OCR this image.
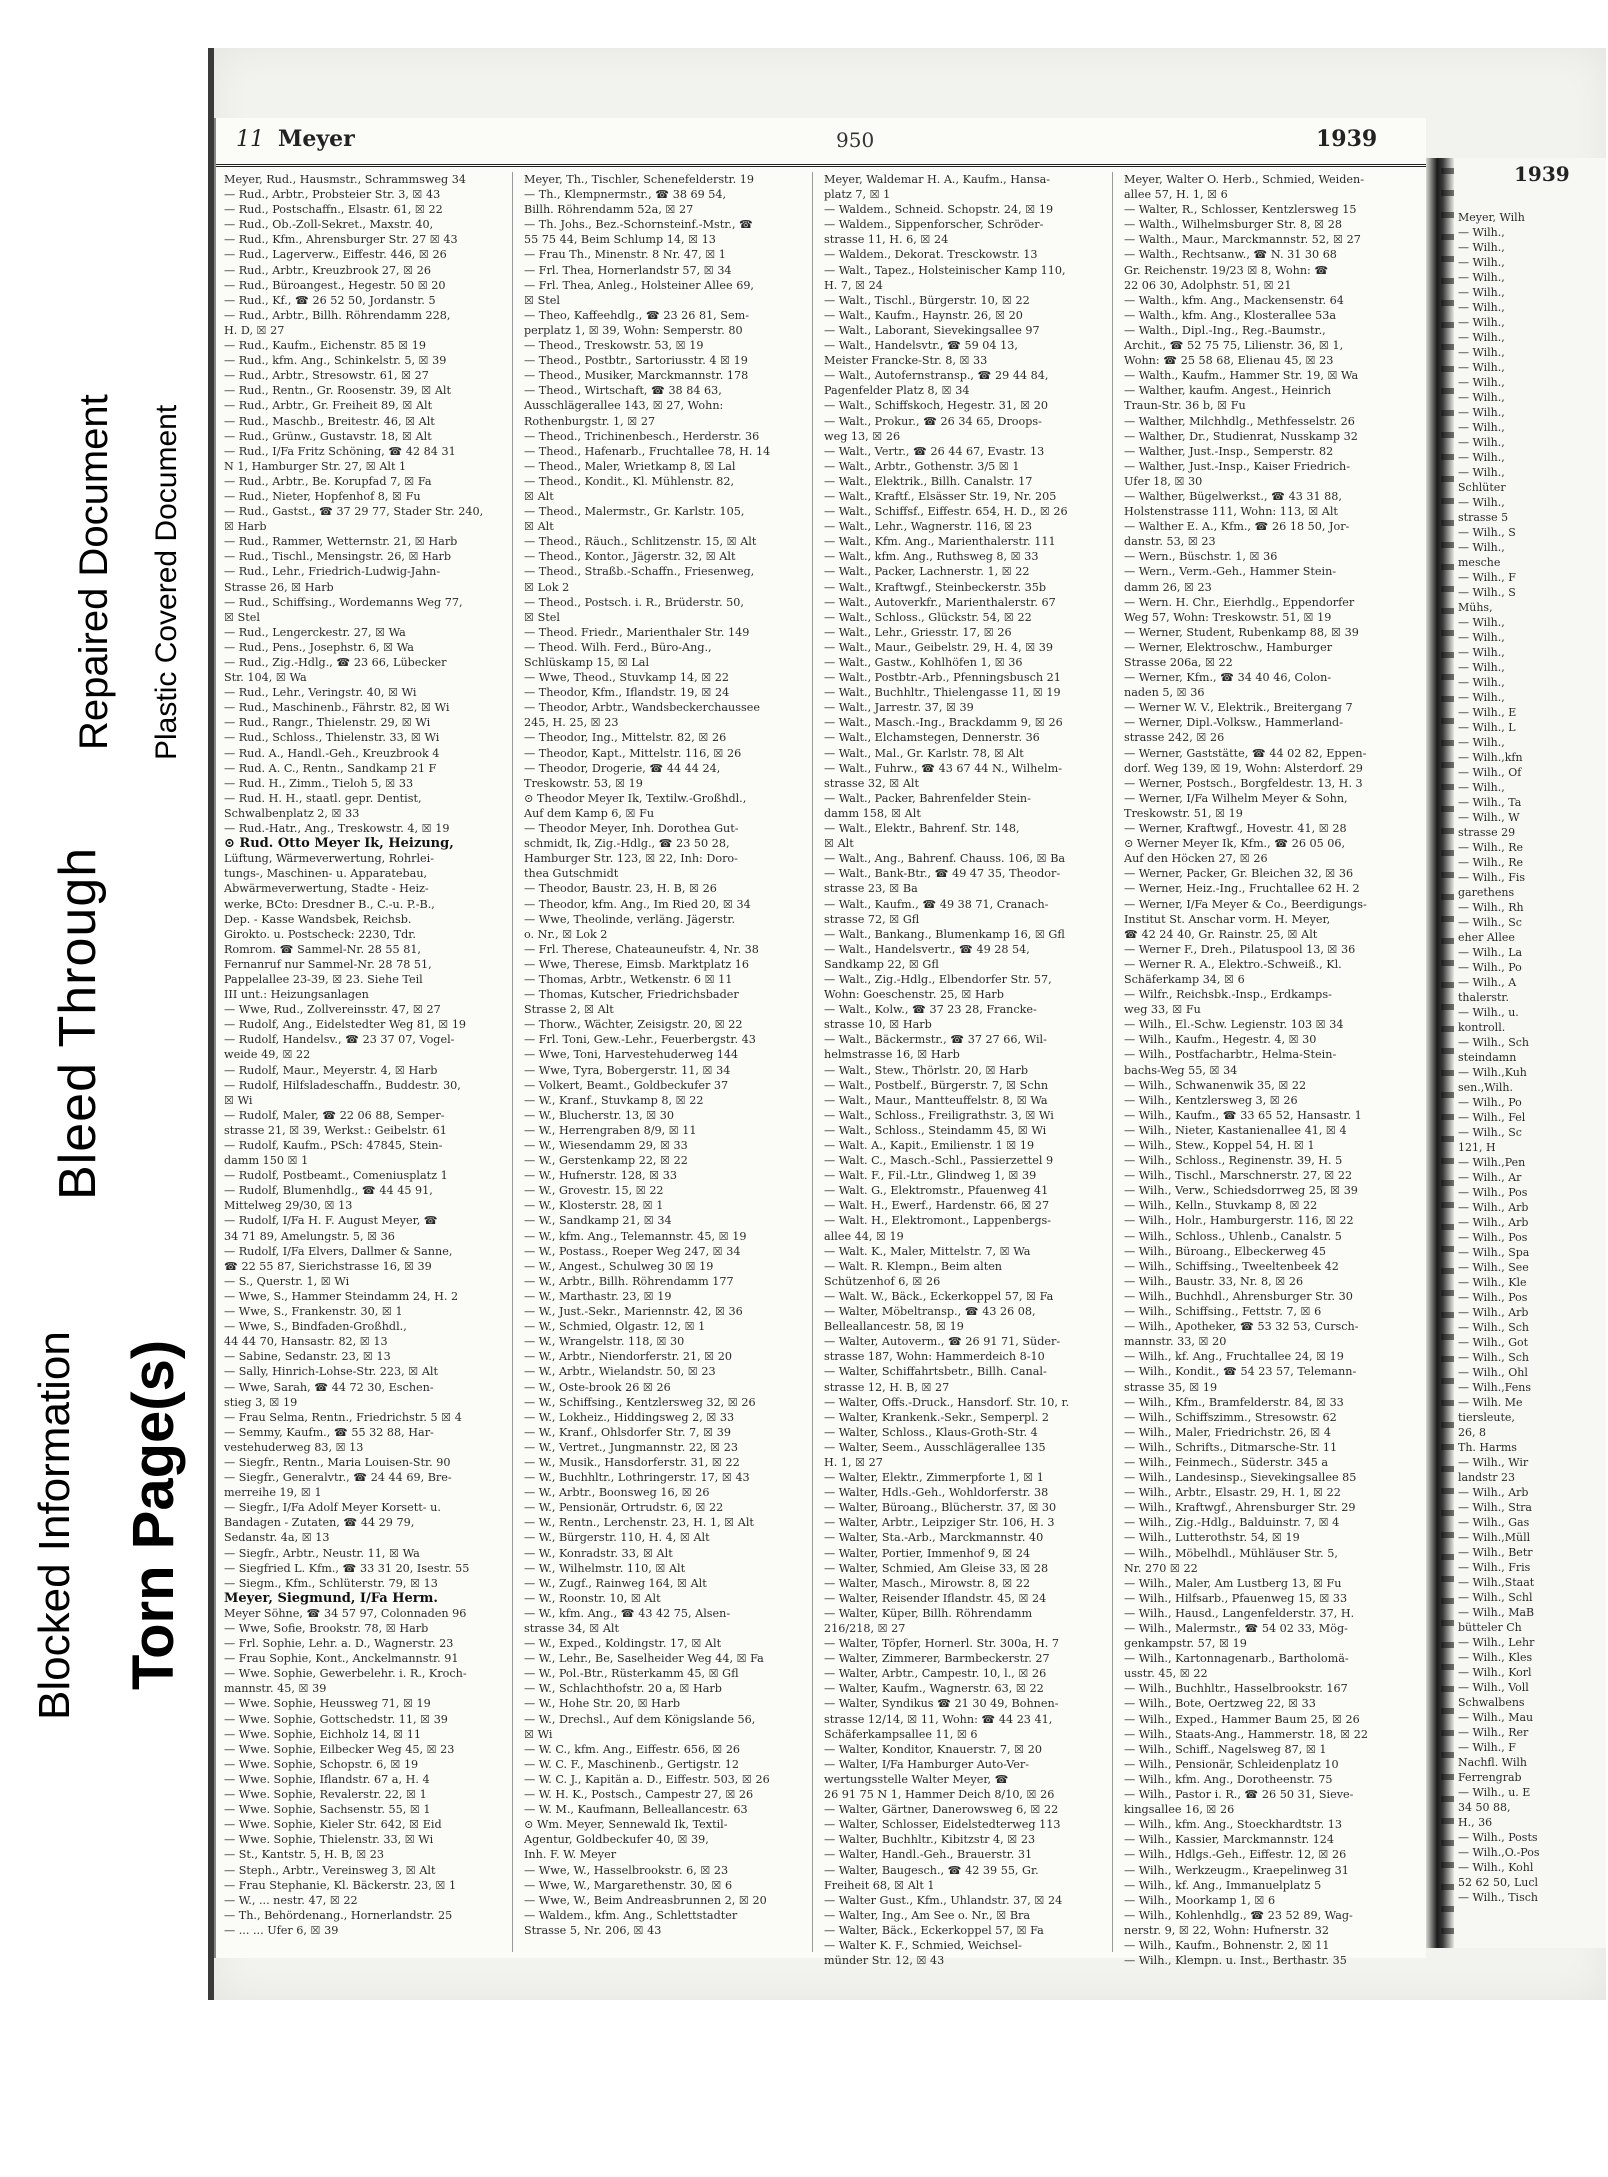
Blocked Information
Bleed Through
Repaired Document
Torn Page(s)
Plastic Covered Document
11 Meyer	950	1939
Meyer, Rud., Hausmstr., Schrammsweg 34
— Rud., Arbtr., Probsteier Str. 3, ☒ 43
— Rud., Postschaffn., Elsastr. 61, ☒ 22
— Rud., Ob.-Zoll-Sekret., Maxstr. 40,
— Rud., Kfm., Ahrensburger Str. 27 ☒ 43
— Rud., Lagerverw., Eiffestr. 446, ☒ 26
— Rud., Arbtr., Kreuzbrook 27, ☒ 26
— Rud., Büroangest., Hegestr. 50 ☒ 20
— Rud., Kf., ☎ 26 52 50, Jordanstr. 5
— Rud., Arbtr., Billh. Röhrendamm 228,
H. D, ☒ 27
— Rud., Kaufm., Eichenstr. 85 ☒ 19
— Rud., kfm. Ang., Schinkelstr. 5, ☒ 39
— Rud., Arbtr., Stresowstr. 61, ☒ 27
— Rud., Rentn., Gr. Roosenstr. 39, ☒ Alt
— Rud., Arbtr., Gr. Freiheit 89, ☒ Alt
— Rud., Maschb., Breitestr. 46, ☒ Alt
— Rud., Grünw., Gustavstr. 18, ☒ Alt
— Rud., I/Fa Fritz Schöning, ☎ 42 84 31
N 1, Hamburger Str. 27, ☒ Alt 1
— Rud., Arbtr., Be. Korupfad 7, ☒ Fa
— Rud., Nieter, Hopfenhof 8, ☒ Fu
— Rud., Gastst., ☎ 37 29 77, Stader Str. 240,
☒ Harb
— Rud., Rammer, Wetternstr. 21, ☒ Harb
— Rud., Tischl., Mensingstr. 26, ☒ Harb
— Rud., Lehr., Friedrich-Ludwig-Jahn-
Strasse 26, ☒ Harb
— Rud., Schiffsing., Wordemanns Weg 77,
☒ Stel
— Rud., Lengerckestr. 27, ☒ Wa
— Rud., Pens., Josephstr. 6, ☒ Wa
— Rud., Zig.-Hdlg., ☎ 23 66, Lübecker
Str. 104, ☒ Wa
— Rud., Lehr., Veringstr. 40, ☒ Wi
— Rud., Maschinenb., Fährstr. 82, ☒ Wi
— Rud., Rangr., Thielenstr. 29, ☒ Wi
— Rud., Schloss., Thielenstr. 33, ☒ Wi
— Rud. A., Handl.-Geh., Kreuzbrook 4
— Rud. A. C., Rentn., Sandkamp 21 F
— Rud. H., Zimm., Tieloh 5, ☒ 33
— Rud. H. H., staatl. gepr. Dentist,
Schwalbenplatz 2, ☒ 33
— Rud.-Hatr., Ang., Treskowstr. 4, ☒ 19
⊙ Rud. Otto Meyer Ik, Heizung,
Lüftung, Wärmeverwertung, Rohrlei-
tungs-, Maschinen- u. Apparatebau,
Abwärmeverwertung, Stadte - Heiz-
werke, BCto: Dresdner B., C.-u. P.-B.,
Dep. - Kasse Wandsbek, Reichsb.
Girokto. u. Postscheck: 2230, Tdr.
Romrom. ☎ Sammel-Nr. 28 55 81,
Fernanruf nur Sammel-Nr. 28 78 51,
Pappelallee 23-39, ☒ 23. Siehe Teil
III unt.: Heizungsanlagen
— Wwe, Rud., Zollvereinsstr. 47, ☒ 27
— Rudolf, Ang., Eidelstedter Weg 81, ☒ 19
— Rudolf, Handelsv., ☎ 23 37 07, Vogel-
weide 49, ☒ 22
— Rudolf, Maur., Meyerstr. 4, ☒ Harb
— Rudolf, Hilfsladeschaffn., Buddestr. 30,
☒ Wi
— Rudolf, Maler, ☎ 22 06 88, Semper-
strasse 21, ☒ 39, Werkst.: Geibelstr. 61
— Rudolf, Kaufm., PSch: 47845, Stein-
damm 150 ☒ 1
— Rudolf, Postbeamt., Comeniusplatz 1
— Rudolf, Blumenhdlg., ☎ 44 45 91,
Mittelweg 29/30, ☒ 13
— Rudolf, I/Fa H. F. August Meyer, ☎
34 71 89, Amelungstr. 5, ☒ 36
— Rudolf, I/Fa Elvers, Dallmer & Sanne,
☎ 22 55 87, Sierichstrasse 16, ☒ 39
— S., Querstr. 1, ☒ Wi
— Wwe, S., Hammer Steindamm 24, H. 2
— Wwe, S., Frankenstr. 30, ☒ 1
— Wwe, S., Bindfaden-Großhdl.,
44 44 70, Hansastr. 82, ☒ 13
— Sabine, Sedanstr. 23, ☒ 13
— Sally, Hinrich-Lohse-Str. 223, ☒ Alt
— Wwe, Sarah, ☎ 44 72 30, Eschen-
stieg 3, ☒ 19
— Frau Selma, Rentn., Friedrichstr. 5 ☒ 4
— Semmy, Kaufm., ☎ 55 32 88, Har-
vestehuderweg 83, ☒ 13
— Siegfr., Rentn., Maria Louisen-Str. 90
— Siegfr., Generalvtr., ☎ 24 44 69, Bre-
merreihe 19, ☒ 1
— Siegfr., I/Fa Adolf Meyer Korsett- u.
Bandagen - Zutaten, ☎ 44 29 79,
Sedanstr. 4a, ☒ 13
— Siegfr., Arbtr., Neustr. 11, ☒ Wa
— Siegfried L. Kfm., ☎ 33 31 20, Isestr. 55
— Siegm., Kfm., Schlüterstr. 79, ☒ 13
Meyer, Siegmund, I/Fa Herm.
Meyer Söhne, ☎ 34 57 97, Colonnaden 96
— Wwe, Sofie, Brookstr. 78, ☒ Harb
— Frl. Sophie, Lehr. a. D., Wagnerstr. 23
— Frau Sophie, Kont., Anckelmannstr. 91
— Wwe. Sophie, Gewerbelehr. i. R., Kroch-
mannstr. 45, ☒ 39
— Wwe. Sophie, Heussweg 71, ☒ 19
— Wwe. Sophie, Gottschedstr. 11, ☒ 39
— Wwe. Sophie, Eichholz 14, ☒ 11
— Wwe. Sophie, Eilbecker Weg 45, ☒ 23
— Wwe. Sophie, Schopstr. 6, ☒ 19
— Wwe. Sophie, Iflandstr. 67 a, H. 4
— Wwe. Sophie, Revalerstr. 22, ☒ 1
— Wwe. Sophie, Sachsenstr. 55, ☒ 1
— Wwe. Sophie, Kieler Str. 642, ☒ Eid
— Wwe. Sophie, Thielenstr. 33, ☒ Wi
— St., Kantstr. 5, H. B, ☒ 23
— Steph., Arbtr., Vereinsweg 3, ☒ Alt
— Frau Stephanie, Kl. Bäckerstr. 23, ☒ 1
— W., ... nestr. 47, ☒ 22
— Th., Behördenang., Hornerlandstr. 25
— ... ... Ufer 6, ☒ 39
Meyer, Th., Tischler, Schenefelderstr. 19
— Th., Klempnermstr., ☎ 38 69 54,
Billh. Röhrendamm 52a, ☒ 27
— Th. Johs., Bez.-Schornsteinf.-Mstr., ☎
55 75 44, Beim Schlump 14, ☒ 13
— Frau Th., Minenstr. 8 Nr. 47, ☒ 1
— Frl. Thea, Hornerlandstr 57, ☒ 34
— Frl. Thea, Anleg., Holsteiner Allee 69,
☒ Stel
— Theo, Kaffeehdlg., ☎ 23 26 81, Sem-
perplatz 1, ☒ 39, Wohn: Semperstr. 80
— Theod., Treskowstr. 53, ☒ 19
— Theod., Postbtr., Sartoriusstr. 4 ☒ 19
— Theod., Musiker, Marckmannstr. 178
— Theod., Wirtschaft, ☎ 38 84 63,
Ausschlägerallee 143, ☒ 27, Wohn:
Rothenburgstr. 1, ☒ 27
— Theod., Trichinenbesch., Herderstr. 36
— Theod., Hafenarb., Fruchtallee 78, H. 14
— Theod., Maler, Wrietkamp 8, ☒ Lal
— Theod., Kondit., Kl. Mühlenstr. 82,
☒ Alt
— Theod., Malermstr., Gr. Karlstr. 105,
☒ Alt
— Theod., Räuch., Schlitzenstr. 15, ☒ Alt
— Theod., Kontor., Jägerstr. 32, ☒ Alt
— Theod., Straßb.-Schaffn., Friesenweg,
☒ Lok 2
— Theod., Postsch. i. R., Brüderstr. 50,
☒ Stel
— Theod. Friedr., Marienthaler Str. 149
— Theod. Wilh. Ferd., Büro-Ang.,
Schlüskamp 15, ☒ Lal
— Wwe, Theod., Stuvkamp 14, ☒ 22
— Theodor, Kfm., Iflandstr. 19, ☒ 24
— Theodor, Arbtr., Wandsbeckerchaussee
245, H. 25, ☒ 23
— Theodor, Ing., Mittelstr. 82, ☒ 26
— Theodor, Kapt., Mittelstr. 116, ☒ 26
— Theodor, Drogerie, ☎ 44 44 24,
Treskowstr. 53, ☒ 19
⊙ Theodor Meyer Ik, Textilw.-Großhdl.,
Auf dem Kamp 6, ☒ Fu
— Theodor Meyer, Inh. Dorothea Gut-
schmidt, Ik, Zig.-Hdlg., ☎ 23 50 28,
Hamburger Str. 123, ☒ 22, Inh: Doro-
thea Gutschmidt
— Theodor, Baustr. 23, H. B, ☒ 26
— Theodor, kfm. Ang., Im Ried 20, ☒ 34
— Wwe, Theolinde, verläng. Jägerstr.
o. Nr., ☒ Lok 2
— Frl. Therese, Chateauneufstr. 4, Nr. 38
— Wwe, Therese, Eimsb. Marktplatz 16
— Thomas, Arbtr., Wetkenstr. 6 ☒ 11
— Thomas, Kutscher, Friedrichsbader
Strasse 2, ☒ Alt
— Thorw., Wächter, Zeisigstr. 20, ☒ 22
— Frl. Toni, Gew.-Lehr., Feuerbergstr. 43
— Wwe, Toni, Harvestehuderweg 144
— Wwe, Tyra, Bobergerstr. 11, ☒ 34
— Volkert, Beamt., Goldbeckufer 37
— W., Kranf., Stuvkamp 8, ☒ 22
— W., Blucherstr. 13, ☒ 30
— W., Herrengraben 8/9, ☒ 11
— W., Wiesendamm 29, ☒ 33
— W., Gerstenkamp 22, ☒ 22
— W., Hufnerstr. 128, ☒ 33
— W., Grovestr. 15, ☒ 22
— W., Klosterstr. 28, ☒ 1
— W., Sandkamp 21, ☒ 34
— W., kfm. Ang., Telemannstr. 45, ☒ 19
— W., Postass., Roeper Weg 247, ☒ 34
— W., Angest., Schulweg 30 ☒ 19
— W., Arbtr., Billh. Röhrendamm 177
— W., Marthastr. 23, ☒ 19
— W., Just.-Sekr., Mariennstr. 42, ☒ 36
— W., Schmied, Olgastr. 12, ☒ 1
— W., Wrangelstr. 118, ☒ 30
— W., Arbtr., Niendorferstr. 21, ☒ 20
— W., Arbtr., Wielandstr. 50, ☒ 23
— W., Oste-brook 26 ☒ 26
— W., Schiffsing., Kentzlersweg 32, ☒ 26
— W., Lokheiz., Hiddingsweg 2, ☒ 33
— W., Kranf., Ohlsdorfer Str. 7, ☒ 39
— W., Vertret., Jungmannstr. 22, ☒ 23
— W., Musik., Hansdorferstr. 31, ☒ 22
— W., Buchhltr., Lothringerstr. 17, ☒ 43
— W., Arbtr., Boonsweg 16, ☒ 26
— W., Pensionär, Ortrudstr. 6, ☒ 22
— W., Rentn., Lerchenstr. 23, H. 1, ☒ Alt
— W., Bürgerstr. 110, H. 4, ☒ Alt
— W., Konradstr. 33, ☒ Alt
— W., Wilhelmstr. 110, ☒ Alt
— W., Zugf., Rainweg 164, ☒ Alt
— W., Roonstr. 10, ☒ Alt
— W., kfm. Ang., ☎ 43 42 75, Alsen-
strasse 34, ☒ Alt
— W., Exped., Koldingstr. 17, ☒ Alt
— W., Lehr., Be, Saselheider Weg 44, ☒ Fa
— W., Pol.-Btr., Rüsterkamm 45, ☒ Gfl
— W., Schlachthofstr. 20 a, ☒ Harb
— W., Hohe Str. 20, ☒ Harb
— W., Drechsl., Auf dem Königslande 56,
☒ Wi
— W. C., kfm. Ang., Eiffestr. 656, ☒ 26
— W. C. F., Maschinenb., Gertigstr. 12
— W. C. J., Kapitän a. D., Eiffestr. 503, ☒ 26
— W. H. K., Postsch., Campestr 27, ☒ 26
— W. M., Kaufmann, Belleallancestr. 63
⊙ Wm. Meyer, Sennewald Ik, Textil-
Agentur, Goldbeckufer 40, ☒ 39,
Inh. F. W. Meyer
— Wwe, W., Hasselbrookstr. 6, ☒ 23
— Wwe, W., Margarethenstr. 30, ☒ 6
— Wwe, W., Beim Andreasbrunnen 2, ☒ 20
— Waldem., kfm. Ang., Schlettstadter
Strasse 5, Nr. 206, ☒ 43
Meyer, Waldemar H. A., Kaufm., Hansa-
platz 7, ☒ 1
— Waldem., Schneid. Schopstr. 24, ☒ 19
— Waldem., Sippenforscher, Schröder-
strasse 11, H. 6, ☒ 24
— Waldem., Dekorat. Tresckowstr. 13
— Walt., Tapez., Holsteinischer Kamp 110,
H. 7, ☒ 24
— Walt., Tischl., Bürgerstr. 10, ☒ 22
— Walt., Kaufm., Haynstr. 26, ☒ 20
— Walt., Laborant, Sievekingsallee 97
— Walt., Handelsvtr., ☎ 59 04 13,
Meister Francke-Str. 8, ☒ 33
— Walt., Autofernstransp., ☎ 29 44 84,
Pagenfelder Platz 8, ☒ 34
— Walt., Schiffskoch, Hegestr. 31, ☒ 20
— Walt., Prokur., ☎ 26 34 65, Droops-
weg 13, ☒ 26
— Walt., Vertr., ☎ 26 44 67, Evastr. 13
— Walt., Arbtr., Gothenstr. 3/5 ☒ 1
— Walt., Elektrik., Billh. Canalstr. 17
— Walt., Kraftf., Elsässer Str. 19, Nr. 205
— Walt., Schiffsf., Eiffestr. 654, H. D., ☒ 26
— Walt., Lehr., Wagnerstr. 116, ☒ 23
— Walt., Kfm. Ang., Marienthalerstr. 111
— Walt., kfm. Ang., Ruthsweg 8, ☒ 33
— Walt., Packer, Lachnerstr. 1, ☒ 22
— Walt., Kraftwgf., Steinbeckerstr. 35b
— Walt., Autoverkfr., Marienthalerstr. 67
— Walt., Schloss., Glückstr. 54, ☒ 22
— Walt., Lehr., Griesstr. 17, ☒ 26
— Walt., Maur., Geibelstr. 29, H. 4, ☒ 39
— Walt., Gastw., Kohlhöfen 1, ☒ 36
— Walt., Postbtr.-Arb., Pfenningsbusch 21
— Walt., Buchhltr., Thielengasse 11, ☒ 19
— Walt., Jarrestr. 37, ☒ 39
— Walt., Masch.-Ing., Brackdamm 9, ☒ 26
— Walt., Elchamstegen, Dennerstr. 36
— Walt., Mal., Gr. Karlstr. 78, ☒ Alt
— Walt., Fuhrw., ☎ 43 67 44 N., Wilhelm-
strasse 32, ☒ Alt
— Walt., Packer, Bahrenfelder Stein-
damm 158, ☒ Alt
— Walt., Elektr., Bahrenf. Str. 148,
☒ Alt
— Walt., Ang., Bahrenf. Chauss. 106, ☒ Ba
— Walt., Bank-Btr., ☎ 49 47 35, Theodor-
strasse 23, ☒ Ba
— Walt., Kaufm., ☎ 49 38 71, Cranach-
strasse 72, ☒ Gfl
— Walt., Bankang., Blumenkamp 16, ☒ Gfl
— Walt., Handelsvertr., ☎ 49 28 54,
Sandkamp 22, ☒ Gfl
— Walt., Zig.-Hdlg., Elbendorfer Str. 57,
Wohn: Goeschenstr. 25, ☒ Harb
— Walt., Kolw., ☎ 37 23 28, Francke-
strasse 10, ☒ Harb
— Walt., Bäckermstr., ☎ 37 27 66, Wil-
helmstrasse 16, ☒ Harb
— Walt., Stew., Thörlstr. 20, ☒ Harb
— Walt., Postbelf., Bürgerstr. 7, ☒ Schn
— Walt., Maur., Mantteuffelstr. 8, ☒ Wa
— Walt., Schloss., Freiligrathstr. 3, ☒ Wi
— Walt., Schloss., Steindamm 45, ☒ Wi
— Walt. A., Kapit., Emilienstr. 1 ☒ 19
— Walt. C., Masch.-Schl., Passierzettel 9
— Walt. F., Fil.-Ltr., Glindweg 1, ☒ 39
— Walt. G., Elektromstr., Pfauenweg 41
— Walt. H., Ewerf., Hardenstr. 66, ☒ 27
— Walt. H., Elektromont., Lappenbergs-
allee 44, ☒ 19
— Walt. K., Maler, Mittelstr. 7, ☒ Wa
— Walt. R. Klempn., Beim alten
Schützenhof 6, ☒ 26
— Walt. W., Bäck., Eckerkoppel 57, ☒ Fa
— Walter, Möbeltransp., ☎ 43 26 08,
Belleallancestr. 58, ☒ 19
— Walter, Autoverm., ☎ 26 91 71, Süder-
strasse 187, Wohn: Hammerdeich 8-10
— Walter, Schiffahrtsbetr., Billh. Canal-
strasse 12, H. B, ☒ 27
— Walter, Offs.-Druck., Hansdorf. Str. 10, r.
— Walter, Krankenk.-Sekr., Semperpl. 2
— Walter, Schloss., Klaus-Groth-Str. 4
— Walter, Seem., Ausschlägerallee 135
H. 1, ☒ 27
— Walter, Elektr., Zimmerpforte 1, ☒ 1
— Walter, Hdls.-Geh., Wohldorferstr. 38
— Walter, Büroang., Blücherstr. 37, ☒ 30
— Walter, Arbtr., Leipziger Str. 106, H. 3
— Walter, Sta.-Arb., Marckmannstr. 40
— Walter, Portier, Immenhof 9, ☒ 24
— Walter, Schmied, Am Gleise 33, ☒ 28
— Walter, Masch., Mirowstr. 8, ☒ 22
— Walter, Reisender Iflandstr. 45, ☒ 24
— Walter, Küper, Billh. Röhrendamm
216/218, ☒ 27
— Walter, Töpfer, Hornerl. Str. 300a, H. 7
— Walter, Zimmerer, Barmbeckerstr. 27
— Walter, Arbtr., Campestr. 10, l., ☒ 26
— Walter, Kaufm., Wagnerstr. 63, ☒ 22
— Walter, Syndikus ☎ 21 30 49, Bohnen-
strasse 12/14, ☒ 11, Wohn: ☎ 44 23 41,
Schäferkampsallee 11, ☒ 6
— Walter, Konditor, Knauerstr. 7, ☒ 20
— Walter, I/Fa Hamburger Auto-Ver-
wertungsstelle Walter Meyer, ☎
26 91 75 N 1, Hammer Deich 8/10, ☒ 26
— Walter, Gärtner, Danerowsweg 6, ☒ 22
— Walter, Schlosser, Eidelstedterweg 113
— Walter, Buchhltr., Kibitzstr 4, ☒ 23
— Walter, Handl.-Geh., Brauerstr. 31
— Walter, Baugesch., ☎ 42 39 55, Gr.
Freiheit 68, ☒ Alt 1
— Walter Gust., Kfm., Uhlandstr. 37, ☒ 24
— Walter, Ing., Am See o. Nr., ☒ Bra
— Walter, Bäck., Eckerkoppel 57, ☒ Fa
— Walter K. F., Schmied, Weichsel-
münder Str. 12, ☒ 43
Meyer, Walter O. Herb., Schmied, Weiden-
allee 57, H. 1, ☒ 6
— Walter, R., Schlosser, Kentzlersweg 15
— Walth., Wilhelmsburger Str. 8, ☒ 28
— Walth., Maur., Marckmannstr. 52, ☒ 27
— Walth., Rechtsanw., ☎ N. 31 30 68
Gr. Reichenstr. 19/23 ☒ 8, Wohn: ☎
22 06 30, Adolphstr. 51, ☒ 21
— Walth., kfm. Ang., Mackensenstr. 64
— Walth., kfm. Ang., Klosterallee 53a
— Walth., Dipl.-Ing., Reg.-Baumstr.,
Archit., ☎ 52 75 75, Lilienstr. 36, ☒ 1,
Wohn: ☎ 25 58 68, Elienau 45, ☒ 23
— Walth., Kaufm., Hammer Str. 19, ☒ Wa
— Walther, kaufm. Angest., Heinrich
Traun-Str. 36 b, ☒ Fu
— Walther, Milchhdlg., Methfesselstr. 26
— Walther, Dr., Studienrat, Nusskamp 32
— Walther, Just.-Insp., Semperstr. 82
— Walther, Just.-Insp., Kaiser Friedrich-
Ufer 18, ☒ 30
— Walther, Bügelwerkst., ☎ 43 31 88,
Holstenstrasse 111, Wohn: 113, ☒ Alt
— Walther E. A., Kfm., ☎ 26 18 50, Jor-
danstr. 53, ☒ 23
— Wern., Büschstr. 1, ☒ 36
— Wern., Verm.-Geh., Hammer Stein-
damm 26, ☒ 23
— Wern. H. Chr., Eierhdlg., Eppendorfer
Weg 57, Wohn: Treskowstr. 51, ☒ 19
— Werner, Student, Rubenkamp 88, ☒ 39
— Werner, Elektroschw., Hamburger
Strasse 206a, ☒ 22
— Werner, Kfm., ☎ 34 40 46, Colon-
naden 5, ☒ 36
— Werner W. V., Elektrik., Breitergang 7
— Werner, Dipl.-Volksw., Hammerland-
strasse 242, ☒ 26
— Werner, Gaststätte, ☎ 44 02 82, Eppen-
dorf. Weg 139, ☒ 19, Wohn: Alsterdorf. 29
— Werner, Postsch., Borgfeldestr. 13, H. 3
— Werner, I/Fa Wilhelm Meyer & Sohn,
Treskowstr. 51, ☒ 19
— Werner, Kraftwgf., Hovestr. 41, ☒ 28
⊙ Werner Meyer Ik, Kfm., ☎ 26 05 06,
Auf den Höcken 27, ☒ 26
— Werner, Packer, Gr. Bleichen 32, ☒ 36
— Werner, Heiz.-Ing., Fruchtallee 62 H. 2
— Werner, I/Fa Meyer & Co., Beerdigungs-
Institut St. Anschar vorm. H. Meyer,
☎ 42 24 40, Gr. Rainstr. 25, ☒ Alt
— Werner F., Dreh., Pilatuspool 13, ☒ 36
— Werner R. A., Elektro.-Schweiß., Kl.
Schäferkamp 34, ☒ 6
— Wilfr., Reichsbk.-Insp., Erdkamps-
weg 33, ☒ Fu
— Wilh., El.-Schw. Legienstr. 103 ☒ 34
— Wilh., Kaufm., Hegestr. 4, ☒ 30
— Wilh., Postfacharbtr., Helma-Stein-
bachs-Weg 55, ☒ 34
— Wilh., Schwanenwik 35, ☒ 22
— Wilh., Kentzlersweg 3, ☒ 26
— Wilh., Kaufm., ☎ 33 65 52, Hansastr. 1
— Wilh., Nieter, Kastanienallee 41, ☒ 4
— Wilh., Stew., Koppel 54, H. ☒ 1
— Wilh., Schloss., Reginenstr. 39, H. 5
— Wilh., Tischl., Marschnerstr. 27, ☒ 22
— Wilh., Verw., Schiedsdorrweg 25, ☒ 39
— Wilh., Kelln., Stuvkamp 8, ☒ 22
— Wilh., Holr., Hamburgerstr. 116, ☒ 22
— Wilh., Schloss., Uhlenb., Canalstr. 5
— Wilh., Büroang., Elbeckerweg 45
— Wilh., Schiffsing., Tweeltenbeek 42
— Wilh., Baustr. 33, Nr. 8, ☒ 26
— Wilh., Buchhdl., Ahrensburger Str. 30
— Wilh., Schiffsing., Fettstr. 7, ☒ 6
— Wilh., Apotheker, ☎ 53 32 53, Cursch-
mannstr. 33, ☒ 20
— Wilh., kf. Ang., Fruchtallee 24, ☒ 19
— Wilh., Kondit., ☎ 54 23 57, Telemann-
strasse 35, ☒ 19
— Wilh., Kfm., Bramfelderstr. 84, ☒ 33
— Wilh., Schiffszimm., Stresowstr. 62
— Wilh., Maler, Friedrichstr. 26, ☒ 4
— Wilh., Schrifts., Ditmarsche-Str. 11
— Wilh., Feinmech., Süderstr. 345 a
— Wilh., Landesinsp., Sievekingsallee 85
— Wilh., Arbtr., Elsastr. 29, H. 1, ☒ 22
— Wilh., Kraftwgf., Ahrensburger Str. 29
— Wilh., Zig.-Hdlg., Balduinstr. 7, ☒ 4
— Wilh., Lutterothstr. 54, ☒ 19
— Wilh., Möbelhdl., Mühläuser Str. 5,
Nr. 270 ☒ 22
— Wilh., Maler, Am Lustberg 13, ☒ Fu
— Wilh., Hilfsarb., Pfauenweg 15, ☒ 33
— Wilh., Hausd., Langenfelderstr. 37, H.
— Wilh., Malermstr., ☎ 54 02 33, Mög-
genkampstr. 57, ☒ 19
— Wilh., Kartonnagenarb., Bartholomä-
usstr. 45, ☒ 22
— Wilh., Buchhltr., Hasselbrookstr. 167
— Wilh., Bote, Oertzweg 22, ☒ 33
— Wilh., Exped., Hammer Baum 25, ☒ 26
— Wilh., Staats-Ang., Hammerstr. 18, ☒ 22
— Wilh., Schiff., Nagelsweg 87, ☒ 1
— Wilh., Pensionär, Schleidenplatz 10
— Wilh., kfm. Ang., Dorotheenstr. 75
— Wilh., Pastor i. R., ☎ 26 50 31, Sieve-
kingsallee 16, ☒ 26
— Wilh., kfm. Ang., Stoeckhardtstr. 13
— Wilh., Kassier, Marckmannstr. 124
— Wilh., Hdlgs.-Geh., Eiffestr. 12, ☒ 26
— Wilh., Werkzeugm., Kraepelinweg 31
— Wilh., kf. Ang., Immanuelplatz 5
— Wilh., Moorkamp 1, ☒ 6
— Wilh., Kohlenhdlg., ☎ 23 52 89, Wag-
nerstr. 9, ☒ 22, Wohn: Hufnerstr. 32
— Wilh., Kaufm., Bohnenstr. 2, ☒ 11
— Wilh., Klempn. u. Inst., Berthastr. 35
1939
Meyer, Wilh
— Wilh.,
— Wilh.,
— Wilh.,
— Wilh.,
— Wilh.,
— Wilh.,
— Wilh.,
— Wilh.,
— Wilh.,
— Wilh.,
— Wilh.,
— Wilh.,
— Wilh.,
— Wilh.,
— Wilh.,
— Wilh.,
— Wilh.,
Schlüter
— Wilh.,
strasse 5
— Wilh., S
— Wilh.,
mesche
— Wilh., F
— Wilh., S
Mühs,
— Wilh.,
— Wilh.,
— Wilh.,
— Wilh.,
— Wilh.,
— Wilh.,
— Wilh., E
— Wilh., L
— Wilh.,
— Wilh.,kfn
— Wilh., Of
— Wilh.,
— Wilh., Ta
— Wilh., W
strasse 29
— Wilh., Re
— Wilh., Re
— Wilh., Fis
garethens
— Wilh., Rh
— Wilh., Sc
eher Allee
— Wilh., La
— Wilh., Po
— Wilh., A
thalerstr.
— Wilh., u.
kontroll.
— Wilh., Sch
steindamn
— Wilh.,Kuh
sen.,Wilh.
— Wilh., Po
— Wilh., Fel
— Wilh., Sc
121, H
— Wilh.,Pen
— Wilh., Ar
— Wilh., Pos
— Wilh., Arb
— Wilh., Arb
— Wilh., Pos
— Wilh., Spa
— Wilh., See
— Wilh., Kle
— Wilh., Pos
— Wilh., Arb
— Wilh., Sch
— Wilh., Got
— Wilh., Sch
— Wilh., Ohl
— Wilh.,Fens
— Wilh. Me
tiersleute,
26, 8
Th. Harms
— Wilh., Wir
landstr 23
— Wilh., Arb
— Wilh., Stra
— Wilh., Gas
— Wilh.,Müll
— Wilh., Betr
— Wilh., Fris
— Wilh.,Staat
— Wilh., Schl
— Wilh., MaB
bütteler Ch
— Wilh., Lehr
— Wilh., Kles
— Wilh., Korl
— Wilh., Voll
Schwalbens
— Wilh., Mau
— Wilh., Rer
— Wilh., F
Nachfl. Wilh
Ferrengrab
— Wilh., u. E
34 50 88,
H., 36
— Wilh., Posts
— Wilh.,O.-Pos
— Wilh., Kohl
52 62 50, Lucl
— Wilh., Tisch
